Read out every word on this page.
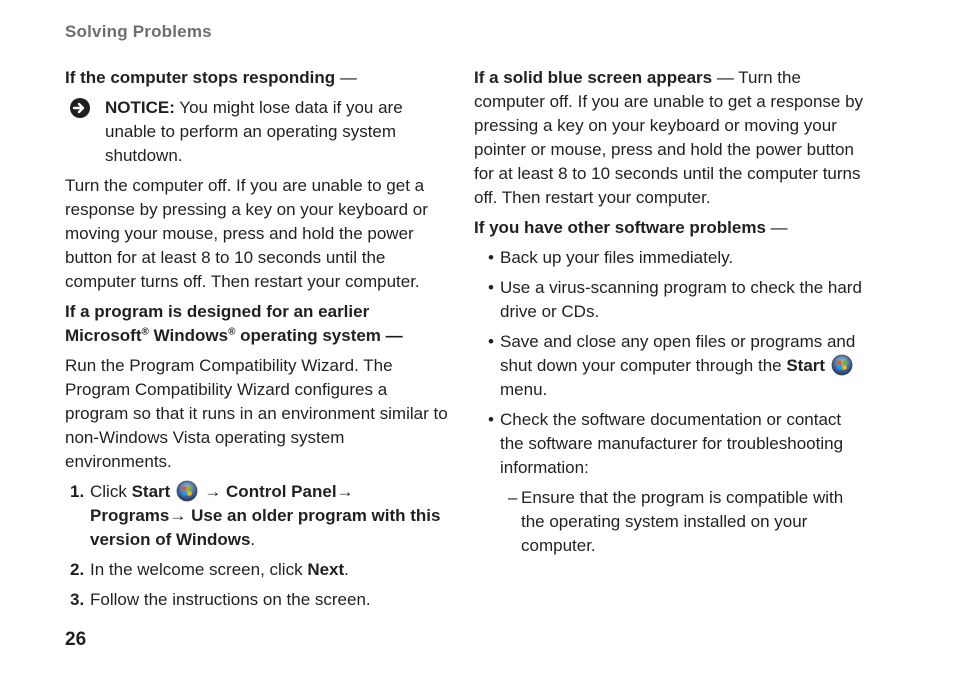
Solving Problems

If the computer stops responding —

NOTICE: You might lose data if you are unable to perform an operating system shutdown.

Turn the computer off. If you are unable to get a response by pressing a key on your keyboard or moving your mouse, press and hold the power button for at least 8 to 10 seconds until the computer turns off. Then restart your computer.

If a program is designed for an earlier Microsoft® Windows® operating system —

Run the Program Compatibility Wizard. The Program Compatibility Wizard configures a program so that it runs in an environment similar to non-Windows Vista operating system environments.

1. Click Start → Control Panel→ Programs→ Use an older program with this version of Windows.
2. In the welcome screen, click Next.
3. Follow the instructions on the screen.

If a solid blue screen appears — Turn the computer off. If you are unable to get a response by pressing a key on your keyboard or moving your pointer or mouse, press and hold the power button for at least 8 to 10 seconds until the computer turns off. Then restart your computer.

If you have other software problems —

• Back up your files immediately.
• Use a virus-scanning program to check the hard drive or CDs.
• Save and close any open files or programs and shut down your computer through the Start menu.
• Check the software documentation or contact the software manufacturer for troubleshooting information:
– Ensure that the program is compatible with the operating system installed on your computer.
26
